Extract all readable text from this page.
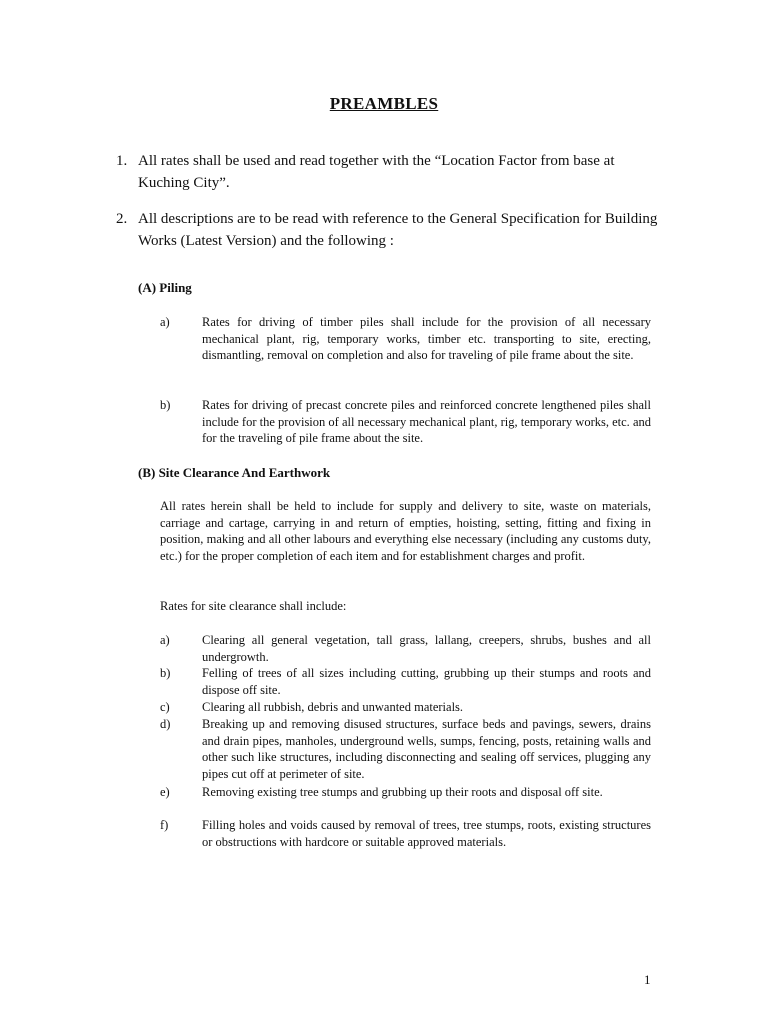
PREAMBLES
1. All rates shall be used and read together with the “Location Factor from base at Kuching City”.
2. All descriptions are to be read with reference to the General Specification for Building Works (Latest Version) and the following :
(A) Piling
a)	Rates for driving of timber piles shall include for the provision of all necessary mechanical plant, rig, temporary works, timber etc. transporting to site, erecting, dismantling, removal on completion and also for traveling of pile frame about the site.
b)	Rates for driving of precast concrete piles and reinforced concrete lengthened piles shall include for the provision of all necessary mechanical plant, rig, temporary works, etc. and for the traveling of pile frame about the site.
(B) Site Clearance And Earthwork
All rates herein shall be held to include for supply and delivery to site, waste on materials, carriage and cartage, carrying in and return of empties, hoisting, setting, fitting and fixing in position, making and all other labours and everything else necessary (including any customs duty, etc.) for the proper completion of each item and for establishment charges and profit.
Rates for site clearance shall include:
a)	Clearing all general vegetation, tall grass, lallang, creepers, shrubs, bushes and all undergrowth.
b)	Felling of trees of all sizes including cutting, grubbing up their stumps and roots and dispose off site.
c)	Clearing all rubbish, debris and unwanted materials.
d)	Breaking up and removing disused structures, surface beds and pavings, sewers, drains and drain pipes, manholes, underground wells, sumps, fencing, posts, retaining walls and other such like structures, including disconnecting and sealing off services, plugging any pipes cut off at perimeter of site.
e)	Removing existing tree stumps and grubbing up their roots and disposal off site.
f)	Filling holes and voids caused by removal of trees, tree stumps, roots, existing structures or obstructions with hardcore or suitable approved materials.
1
